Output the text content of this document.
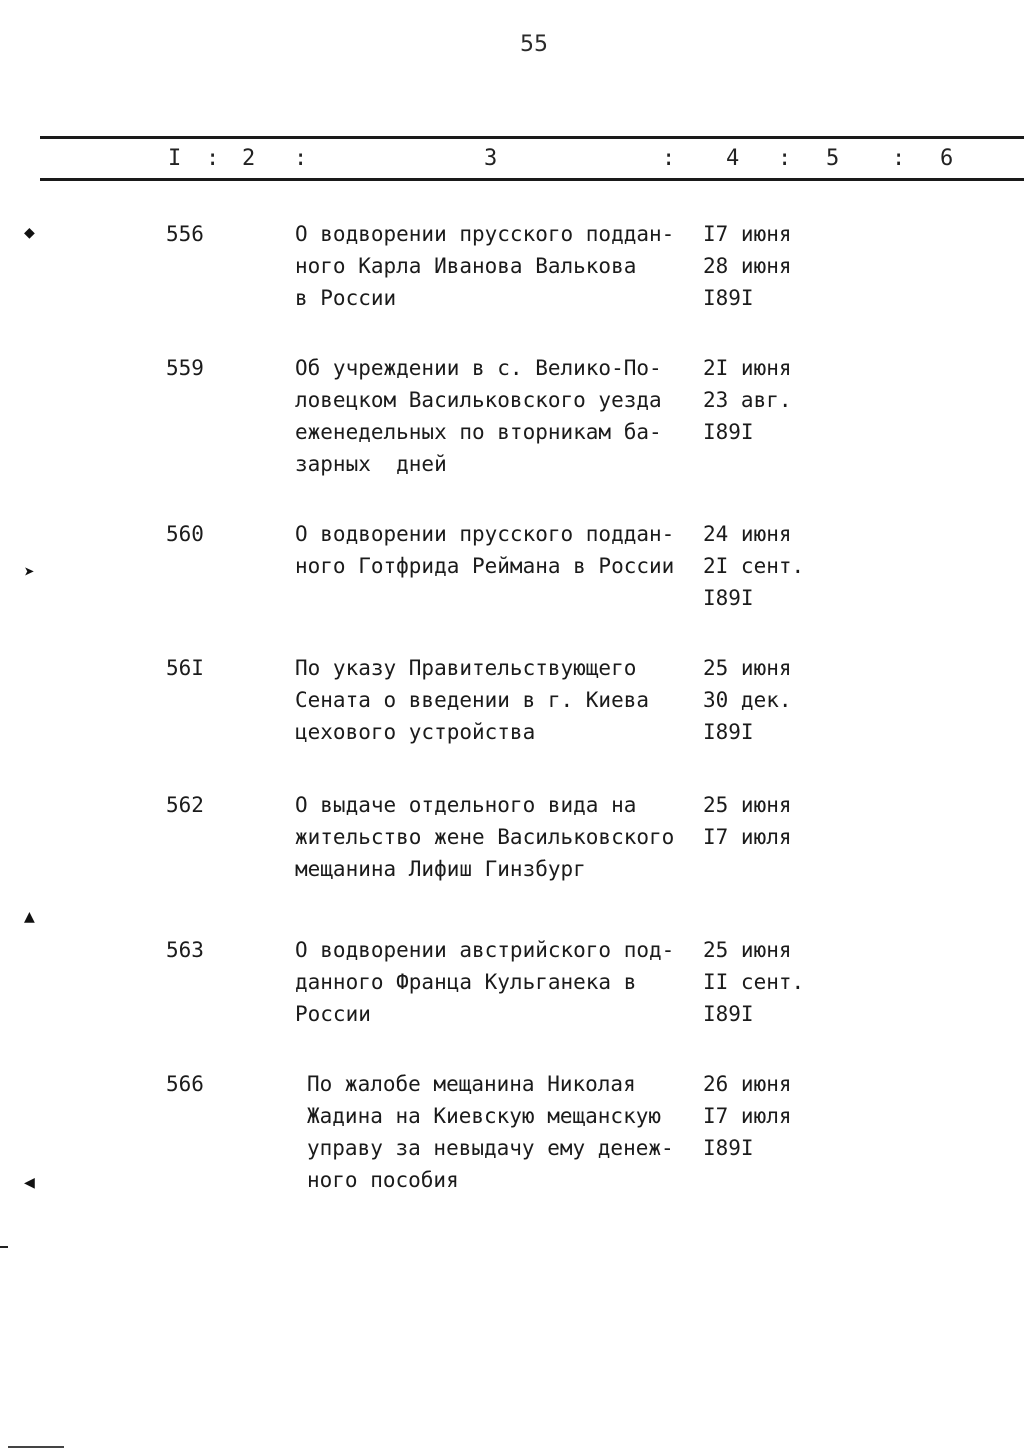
55
I : 2 :	3	: 4 : 5 : 6
556	О водворении прусского поддан-
ного Карла Иванова Валькова
в России
I7 июня
28 июня
I89I
559	Об учреждении в с. Велико-По-
ловецком Васильковского уезда
еженедельных по вторникам ба-
зарных  дней
2I июня
23 авг.
I89I
560	О водворении прусского поддан-
ного Готфрида Реймана в России
24 июня
2I сент.
I89I
56I	По указу Правительствующего
Сената о введении в г. Киева
цехового устройства
25 июня
30 дек.
I89I
562	О выдаче отдельного вида на
жительство жене Васильковского
мещанина Лифиш Гинзбург
25 июня
I7 июля
563	О водворении австрийского под-
данного Франца Кульганека в
России
25 июня
II сент.
I89I
566	По жалобе мещанина Николая
Жадина на Киевскую мещанскую
управу за невыдачу ему денеж-
ного пособия
26 июня
I7 июля
I89I
◆
➤
▲
◀
